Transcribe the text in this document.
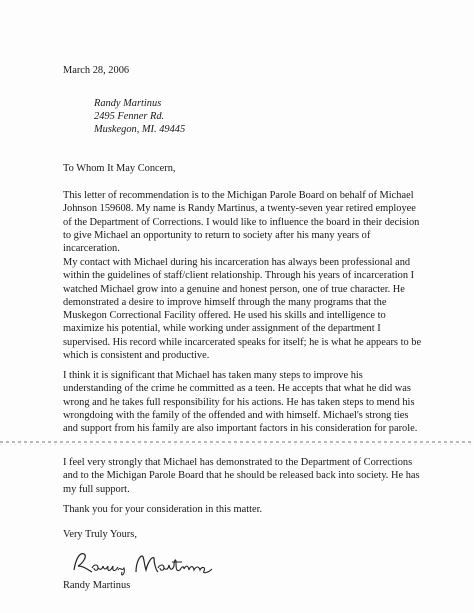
March 28, 2006

Randy Martinus
2495 Fenner Rd.
Muskegon, MI. 49445

To Whom It May Concern,

This letter of recommendation is to the Michigan Parole Board on behalf of Michael Johnson 159608. My name is Randy Martinus, a twenty-seven year retired employee of the Department of Corrections. I would like to influence the board in their decision to give Michael an opportunity to return to society after his many years of incarceration.

My contact with Michael during his incarceration has always been professional and within the guidelines of staff/client relationship. Through his years of incarceration I watched Michael grow into a genuine and honest person, one of true character. He demonstrated a desire to improve himself through the many programs that the Muskegon Correctional Facility offered. He used his skills and intelligence to maximize his potential, while working under assignment of the department I supervised. His record while incarcerated speaks for itself; he is what he appears to be which is consistent and productive.

I think it is significant that Michael has taken many steps to improve his understanding of the crime he committed as a teen. He accepts that what he did was wrong and he takes full responsibility for his actions. He has taken steps to mend his wrongdoing with the family of the offended and with himself. Michael's strong ties and support from his family are also important factors in his consideration for parole.

I feel very strongly that Michael has demonstrated to the Department of Corrections and to the Michigan Parole Board that he should be released back into society. He has my full support.

Thank you for your consideration in this matter.

Very Truly Yours,

Randy Martinus
